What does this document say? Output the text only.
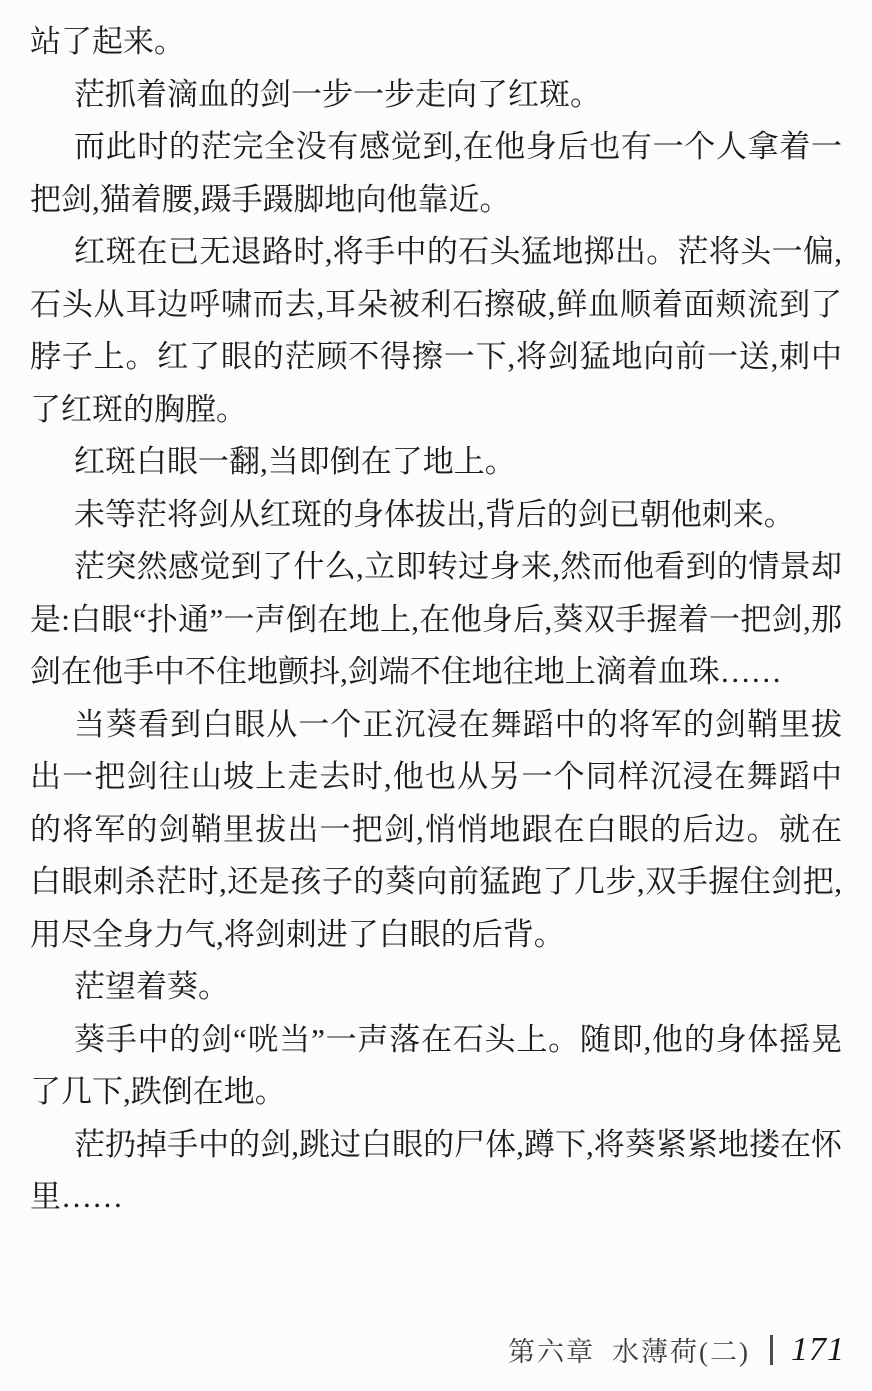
站了起来。

茫抓着滴血的剑一步一步走向了红斑。

而此时的茫完全没有感觉到,在他身后也有一个人拿着一把剑,猫着腰,蹑手蹑脚地向他靠近。

红斑在已无退路时,将手中的石头猛地掷出。茫将头一偏,石头从耳边呼啸而去,耳朵被利石擦破,鲜血顺着面颊流到了脖子上。红了眼的茫顾不得擦一下,将剑猛地向前一送,刺中了红斑的胸膛。

红斑白眼一翻,当即倒在了地上。

未等茫将剑从红斑的身体拔出,背后的剑已朝他刺来。

茫突然感觉到了什么,立即转过身来,然而他看到的情景却是:白眼“扑通”一声倒在地上,在他身后,葵双手握着一把剑,那剑在他手中不住地颤抖,剑端不住地往地上滴着血珠……

当葵看到白眼从一个正沉浸在舞蹈中的将军的剑鞘里拔出一把剑往山坡上走去时,他也从另一个同样沉浸在舞蹈中的将军的剑鞘里拔出一把剑,悄悄地跟在白眼的后边。就在白眼刺杀茫时,还是孩子的葵向前猛跑了几步,双手握住剑把,用尽全身力气,将剑刺进了白眼的后背。

茫望着葵。

葵手中的剑“咣当”一声落在石头上。随即,他的身体摇晃了几下,跌倒在地。

茫扔掉手中的剑,跳过白眼的尸体,蹲下,将葵紧紧地搂在怀里……

第六章 水薄荷(二) 171
